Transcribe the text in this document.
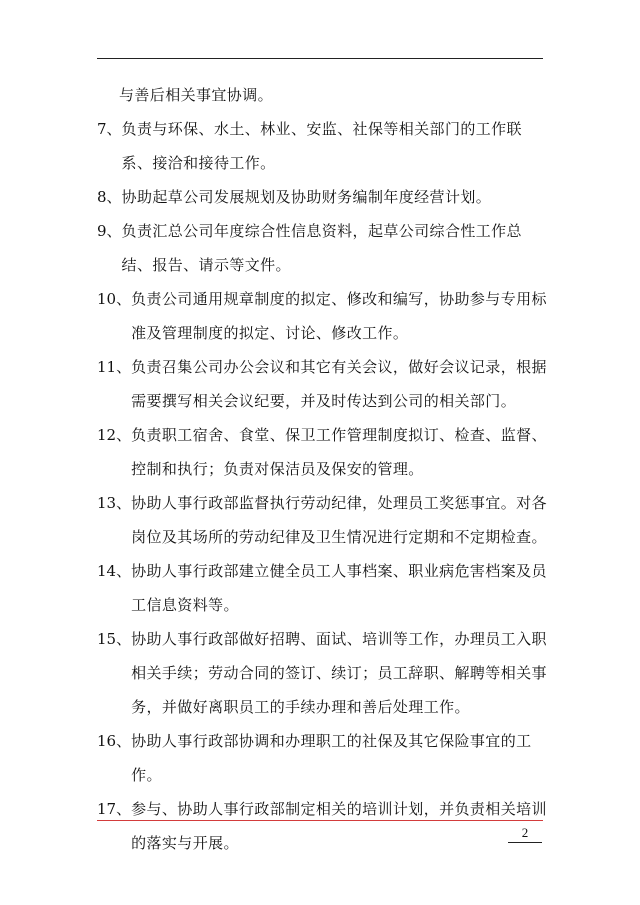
与善后相关事宜协调。
7、 负责与环保、水土、林业、安监、社保等相关部门的工作联系、接洽和接待工作。
8、 协助起草公司发展规划及协助财务编制年度经营计划。
9、 负责汇总公司年度综合性信息资料，起草公司综合性工作总结、报告、请示等文件。
10、 负责公司通用规章制度的拟定、修改和编写，协助参与专用标准及管理制度的拟定、讨论、修改工作。
11、 负责召集公司办公会议和其它有关会议，做好会议记录，根据需要撰写相关会议纪要，并及时传达到公司的相关部门。
12、 负责职工宿舍、食堂、保卫工作管理制度拟订、检查、监督、控制和执行；负责对保洁员及保安的管理。
13、 协助人事行政部监督执行劳动纪律，处理员工奖惩事宜。对各岗位及其场所的劳动纪律及卫生情况进行定期和不定期检查。
14、 协助人事行政部建立健全员工人事档案、职业病危害档案及员工信息资料等。
15、 协助人事行政部做好招聘、面试、培训等工作，办理员工入职相关手续；劳动合同的签订、续订；员工辞职、解聘等相关事务，并做好离职员工的手续办理和善后处理工作。
16、 协助人事行政部协调和办理职工的社保及其它保险事宜的工作。
17、 参与、协助人事行政部制定相关的培训计划，并负责相关培训的落实与开展。
2
